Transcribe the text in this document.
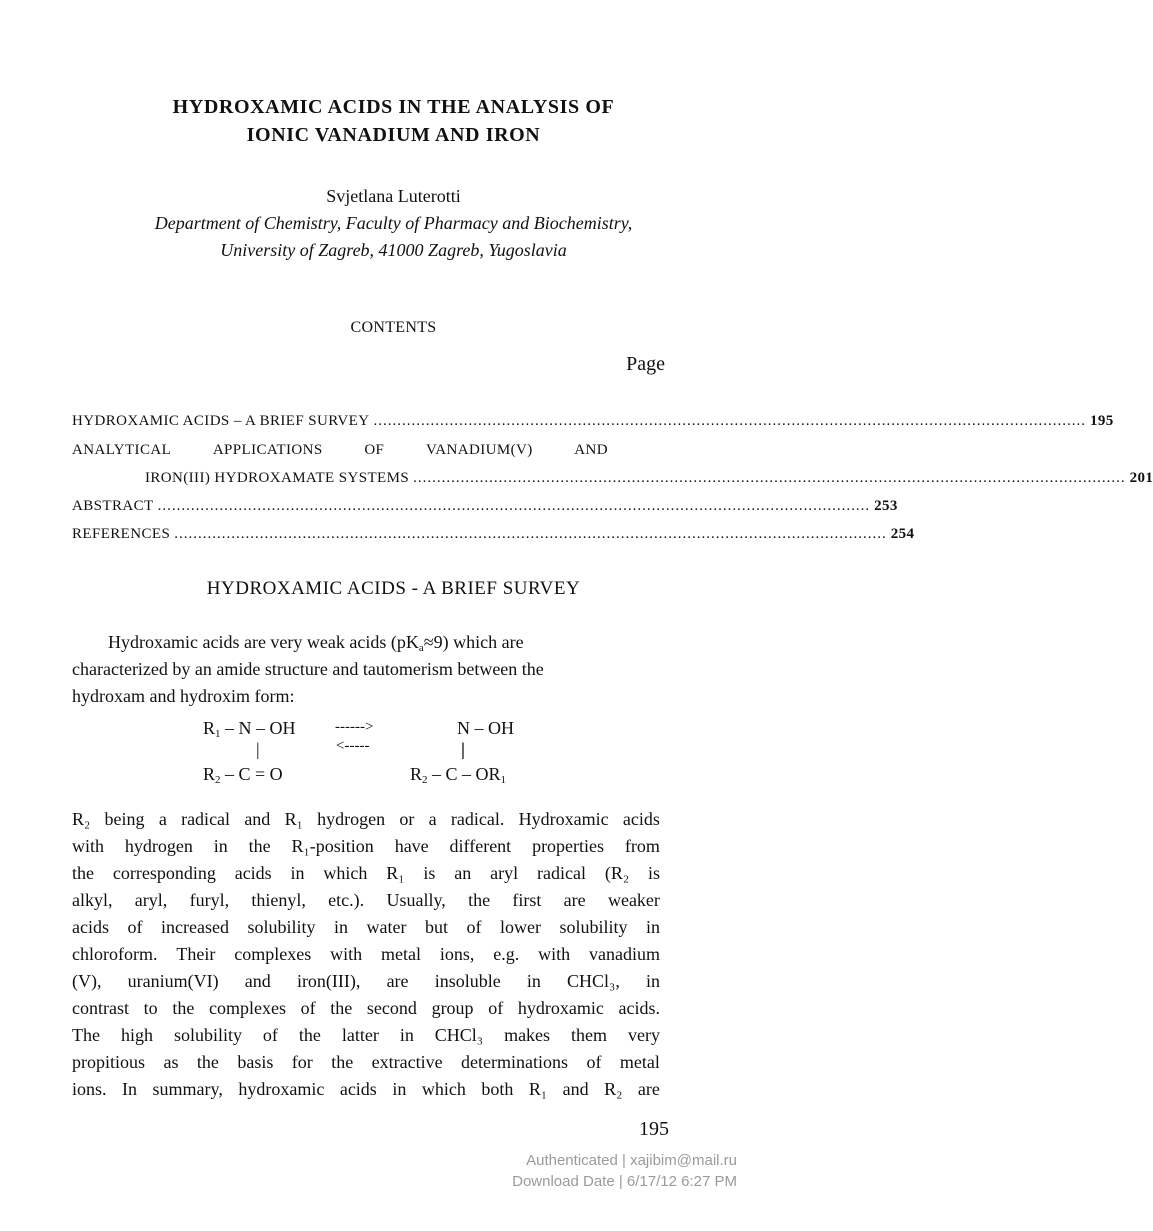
HYDROXAMIC ACIDS IN THE ANALYSIS OF
IONIC VANADIUM AND IRON
Svjetlana Luterotti
Department of Chemistry, Faculty of Pharmacy and Biochemistry,
University of Zagreb, 41000 Zagreb, Yugoslavia
CONTENTS
Page
HYDROXAMIC ACIDS – A BRIEF SURVEY ...................................................................................................................................................... 195
ANALYTICAL	APPLICATIONS	OF	VANADIUM(V)	AND
IRON(III) HYDROXAMATE SYSTEMS ...................................................................................................................................................... 201
ABSTRACT ...................................................................................................................................................... 253
REFERENCES ...................................................................................................................................................... 254
HYDROXAMIC ACIDS - A BRIEF SURVEY
Hydroxamic acids are very weak acids $(pK_a\approx 9)$ which are
characterized by an amide structure and tautomerism between the
hydroxam and hydroxim form:
$R_1$ – N – OH	------>	N – OH
|	<-----	|
$R_2 - C = O$	$R_2$ – C – $OR_1$
R₂ being a radical and R₁ hydrogen or a radical. Hydroxamic acids
with hydrogen in the R₁-position have different properties from
the corresponding acids in which R₁ is an aryl radical (R₂ is
alkyl, aryl, furyl, thienyl, etc.). Usually, the first are weaker
acids of increased solubility in water but of lower solubility in
chloroform. Their complexes with metal ions, e.g. with vanadium
(V), uranium(VI) and iron(III), are insoluble in CHCl₃, in
contrast to the complexes of the second group of hydroxamic acids.
The high solubility of the latter in CHCl₃ makes them very
propitious as the basis for the extractive determinations of metal
ions. In summary, hydroxamic acids in which both R₁ and R₂ are
195
Authenticated | xajibim@mail.ru
Download Date | 6/17/12 6:27 PM
